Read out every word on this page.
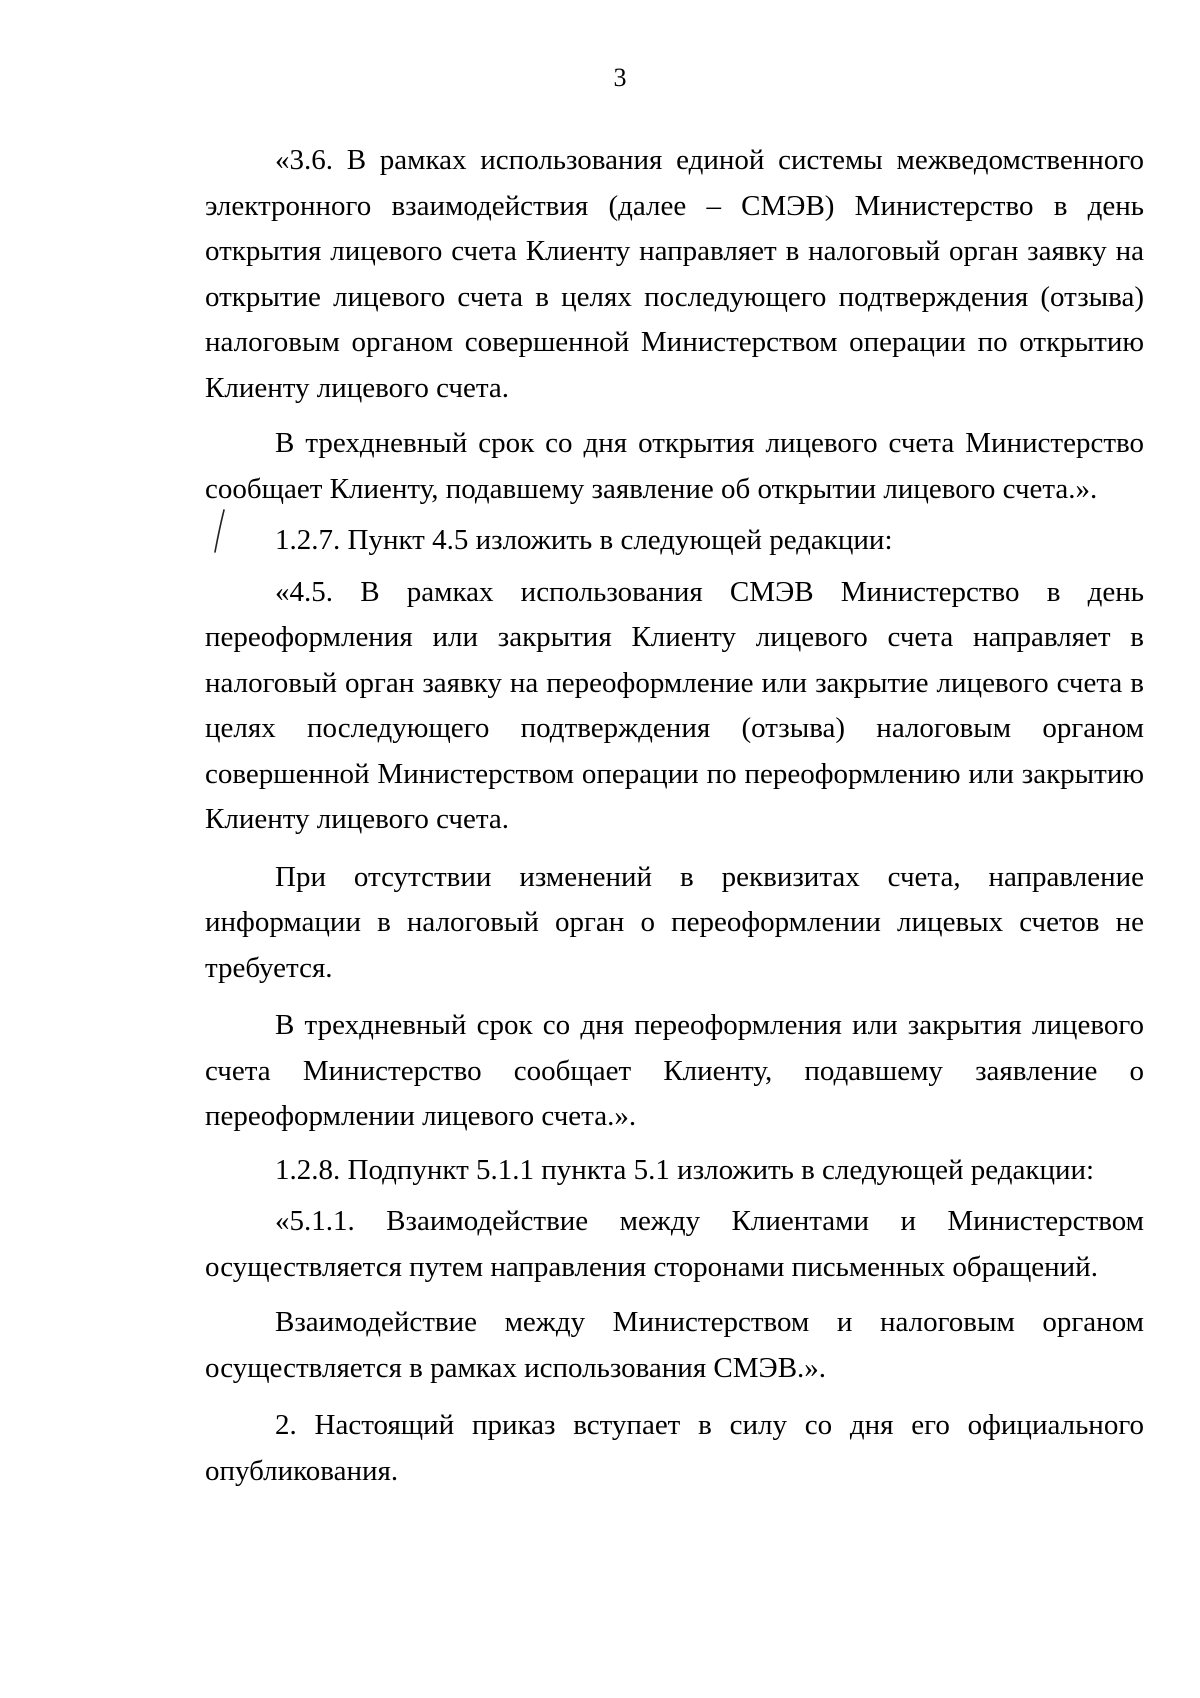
3

«3.6. В рамках использования единой системы межведомственного электронного взаимодействия (далее – СМЭВ) Министерство в день открытия лицевого счета Клиенту направляет в налоговый орган заявку на открытие лицевого счета в целях последующего подтверждения (отзыва) налоговым органом совершенной Министерством операции по открытию Клиенту лицевого счета.

В трехдневный срок со дня открытия лицевого счета Министерство сообщает Клиенту, подавшему заявление об открытии лицевого счета.».

1.2.7. Пункт 4.5 изложить в следующей редакции:

«4.5. В рамках использования СМЭВ Министерство в день переоформления или закрытия Клиенту лицевого счета направляет в налоговый орган заявку на переоформление или закрытие лицевого счета в целях последующего подтверждения (отзыва) налоговым органом совершенной Министерством операции по переоформлению или закрытию Клиенту лицевого счета.

При отсутствии изменений в реквизитах счета, направление информации в налоговый орган о переоформлении лицевых счетов не требуется.

В трехдневный срок со дня переоформления или закрытия лицевого счета Министерство сообщает Клиенту, подавшему заявление о переоформлении лицевого счета.».

1.2.8. Подпункт 5.1.1 пункта 5.1 изложить в следующей редакции:

«5.1.1. Взаимодействие между Клиентами и Министерством осуществляется путем направления сторонами письменных обращений.

Взаимодействие между Министерством и налоговым органом осуществляется в рамках использования СМЭВ.».

2. Настоящий приказ вступает в силу со дня его официального опубликования.
